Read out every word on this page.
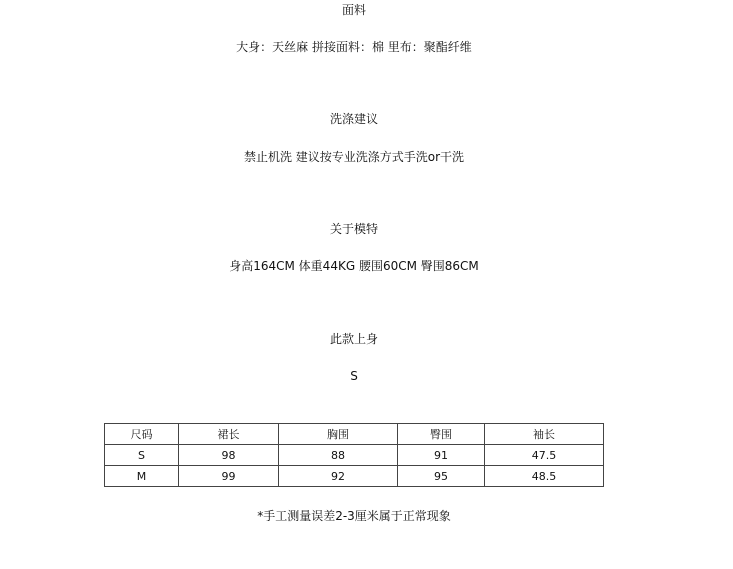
面料
大身：天丝麻 拼接面料：棉 里布：聚酯纤维
洗涤建议
禁止机洗 建议按专业洗涤方式手洗or干洗
关于模特
身高164CM 体重44KG 腰围60CM 臀围86CM
此款上身
S
尺码	裙长	胸围	臀围	袖长
S	98	88	91	47.5
M	99	92	95	48.5
*手工测量误差2-3厘米属于正常现象
